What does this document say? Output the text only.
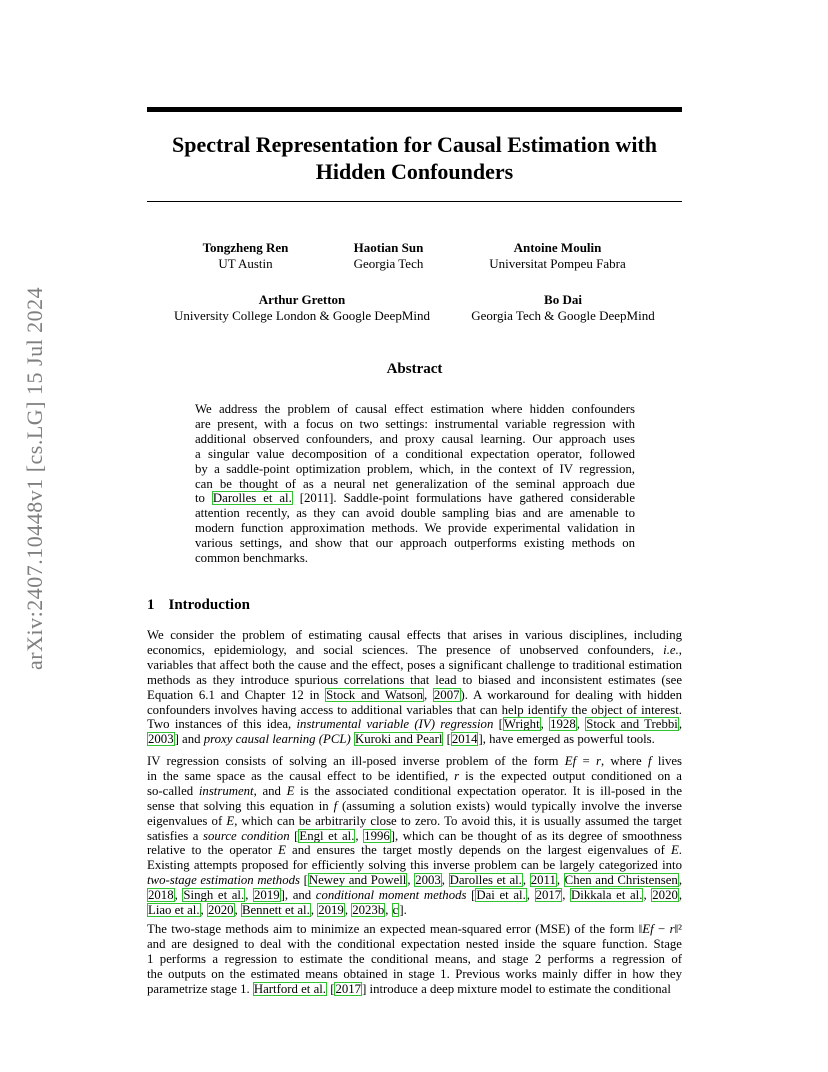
Spectral Representation for Causal Estimation with
Hidden Confounders
Tongzheng Ren
UT Austin
Haotian Sun
Georgia Tech
Antoine Moulin
Universitat Pompeu Fabra
Arthur Gretton
University College London & Google DeepMind
Bo Dai
Georgia Tech & Google DeepMind
arXiv:2407.10448v1 [cs.LG] 15 Jul 2024	Abstract
We address the problem of causal effect estimation where hidden confounders
are present, with a focus on two settings: instrumental variable regression with
additional observed confounders, and proxy causal learning. Our approach uses
a singular value decomposition of a conditional expectation operator, followed
by a saddle-point optimization problem, which, in the context of IV regression,
can be thought of as a neural net generalization of the seminal approach due
to Darolles et al. [2011]. Saddle-point formulations have gathered considerable
attention recently, as they can avoid double sampling bias and are amenable to
modern function approximation methods. We provide experimental validation in
various settings, and show that our approach outperforms existing methods on
common benchmarks.
1 Introduction
We consider the problem of estimating causal effects that arises in various disciplines, including
economics, epidemiology, and social sciences. The presence of unobserved confounders, i.e.,
variables that affect both the cause and the effect, poses a significant challenge to traditional estimation
methods as they introduce spurious correlations that lead to biased and inconsistent estimates (see
Equation 6.1 and Chapter 12 in Stock and Watson, 2007). A workaround for dealing with hidden
confounders involves having access to additional variables that can help identify the object of interest.
Two instances of this idea, instrumental variable (IV) regression [Wright, 1928, Stock and Trebbi,
2003] and proxy causal learning (PCL) Kuroki and Pearl [2014], have emerged as powerful tools.
IV regression consists of solving an ill-posed inverse problem of the form Ef = r, where f lives
in the same space as the causal effect to be identified, r is the expected output conditioned on a
so-called instrument, and E is the associated conditional expectation operator. It is ill-posed in the
sense that solving this equation in f (assuming a solution exists) would typically involve the inverse
eigenvalues of E, which can be arbitrarily close to zero. To avoid this, it is usually assumed the target
satisfies a source condition [Engl et al., 1996], which can be thought of as its degree of smoothness
relative to the operator E and ensures the target mostly depends on the largest eigenvalues of E.
Existing attempts proposed for efficiently solving this inverse problem can be largely categorized into
two-stage estimation methods [Newey and Powell, 2003, Darolles et al., 2011, Chen and Christensen,
2018, Singh et al., 2019], and conditional moment methods [Dai et al., 2017, Dikkala et al., 2020,
Liao et al., 2020, Bennett et al., 2019, 2023b, c].
The two-stage methods aim to minimize an expected mean-squared error (MSE) of the form ‖Ef − r‖²
and are designed to deal with the conditional expectation nested inside the square function. Stage
1 performs a regression to estimate the conditional means, and stage 2 performs a regression of
the outputs on the estimated means obtained in stage 1. Previous works mainly differ in how they
parametrize stage 1. Hartford et al. [2017] introduce a deep mixture model to estimate the conditional
